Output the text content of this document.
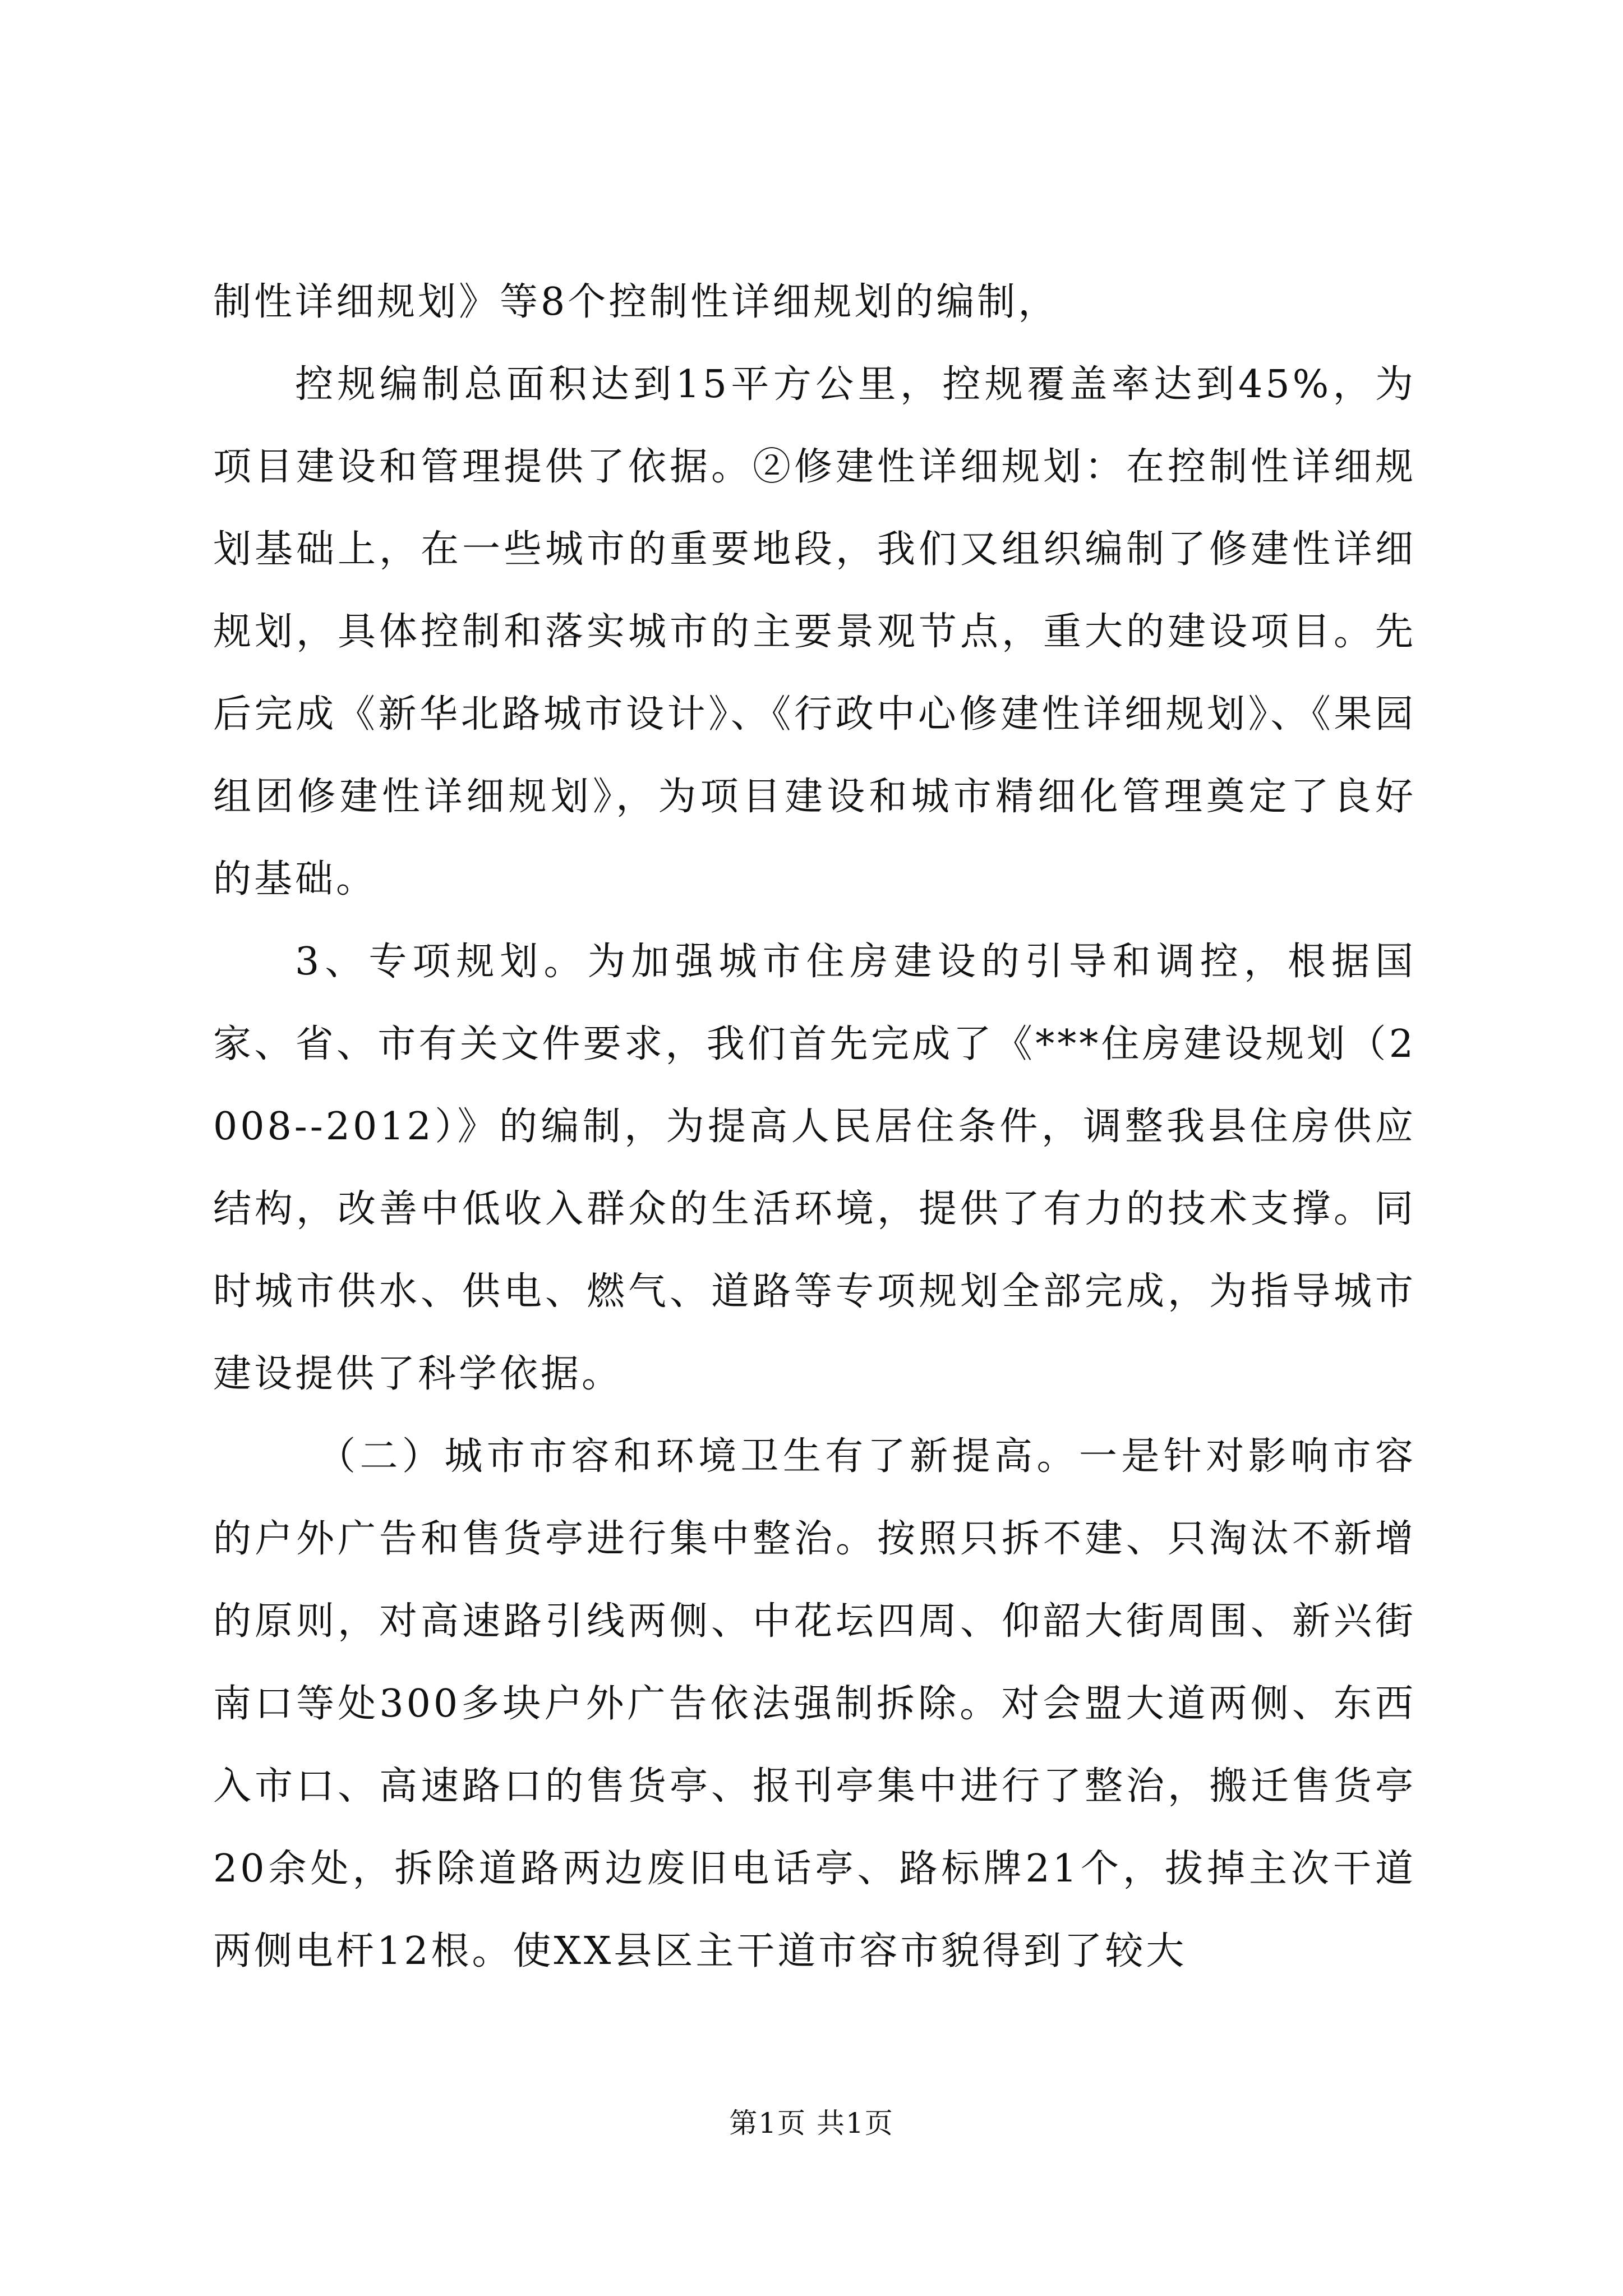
制性详细规划》等8个控制性详细规划的编制，

控规编制总面积达到15平方公里，控规覆盖率达到45%，为项目建设和管理提供了依据。②修建性详细规划：在控制性详细规划基础上，在一些城市的重要地段，我们又组织编制了修建性详细规划，具体控制和落实城市的主要景观节点，重大的建设项目。先后完成《新华北路城市设计》、《行政中心修建性详细规划》、《果园组团修建性详细规划》，为项目建设和城市精细化管理奠定了良好的基础。

3、专项规划。为加强城市住房建设的引导和调控，根据国家、省、市有关文件要求，我们首先完成了《***住房建设规划（2008--2012）》的编制，为提高人民居住条件，调整我县住房供应结构，改善中低收入群众的生活环境，提供了有力的技术支撑。同时城市供水、供电、燃气、道路等专项规划全部完成，为指导城市建设提供了科学依据。

（二）城市市容和环境卫生有了新提高。一是针对影响市容的户外广告和售货亭进行集中整治。按照只拆不建、只淘汰不新增的原则，对高速路引线两侧、中花坛四周、仰韶大街周围、新兴街南口等处300多块户外广告依法强制拆除。对会盟大道两侧、东西入市口、高速路口的售货亭、报刊亭集中进行了整治，搬迁售货亭20余处，拆除道路两边废旧电话亭、路标牌21个，拔掉主次干道两侧电杆12根。使XX县区主干道市容市貌得到了较大

第1页 共1页
